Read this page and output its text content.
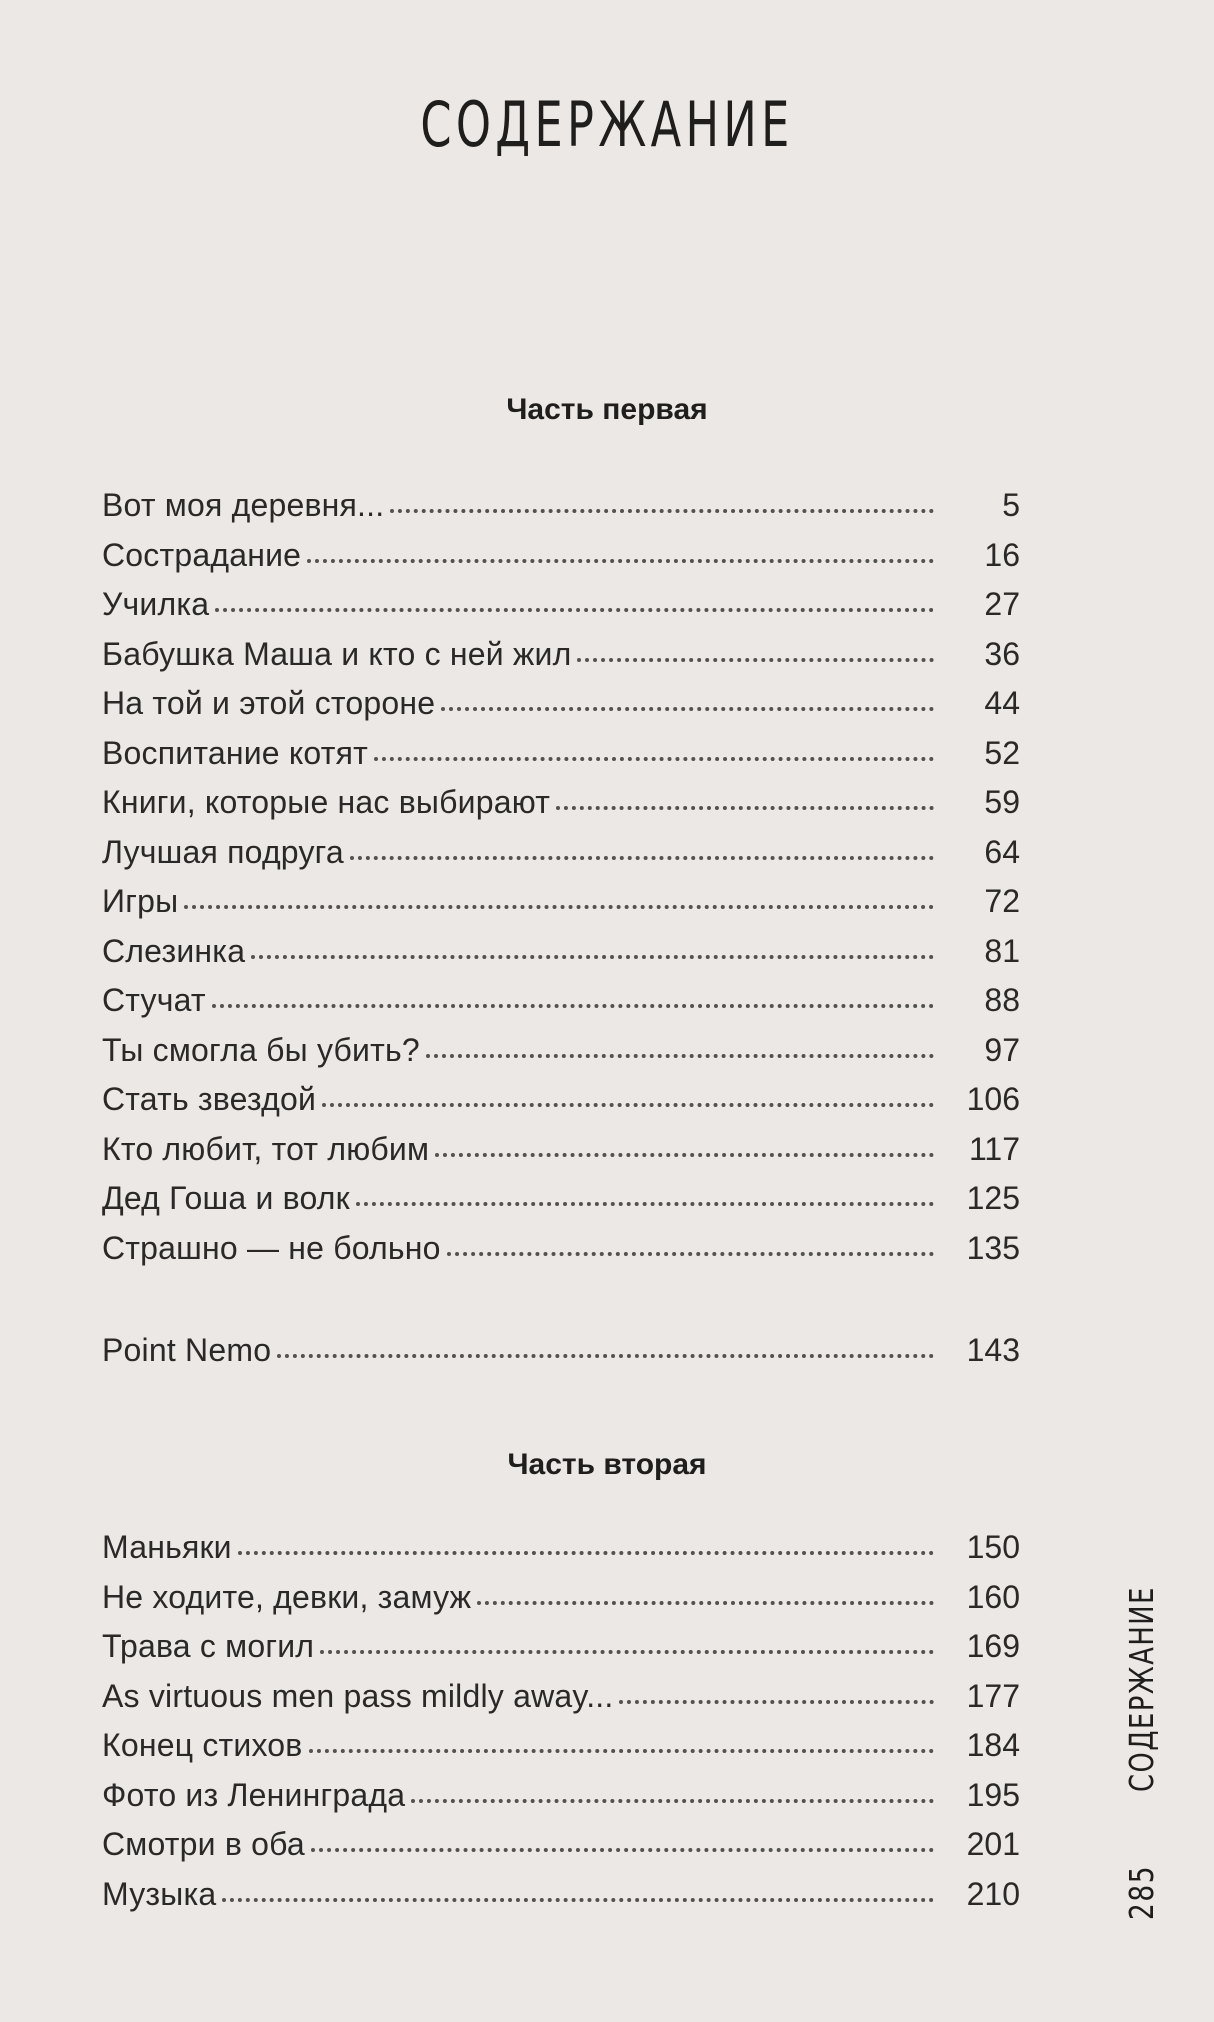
СОДЕРЖАНИЕ
Часть первая
Вот моя деревня...	5
Сострадание	16
Училка	27
Бабушка Маша и кто с ней жил	36
На той и этой стороне	44
Воспитание котят	52
Книги, которые нас выбирают	59
Лучшая подруга	64
Игры	72
Слезинка	81
Стучат	88
Ты смогла бы убить?	97
Стать звездой	106
Кто любит, тот любим	117
Дед Гоша и волк	125
Страшно — не больно	135
Point Nemo	143
Часть вторая
Маньяки	150
Не ходите, девки, замуж	160
Трава с могил	169
As virtuous men pass mildly away...	177
Конец стихов	184
Фото из Ленинграда	195
Смотри в оба	201
Музыка	210
СОДЕРЖАНИЕ
285
